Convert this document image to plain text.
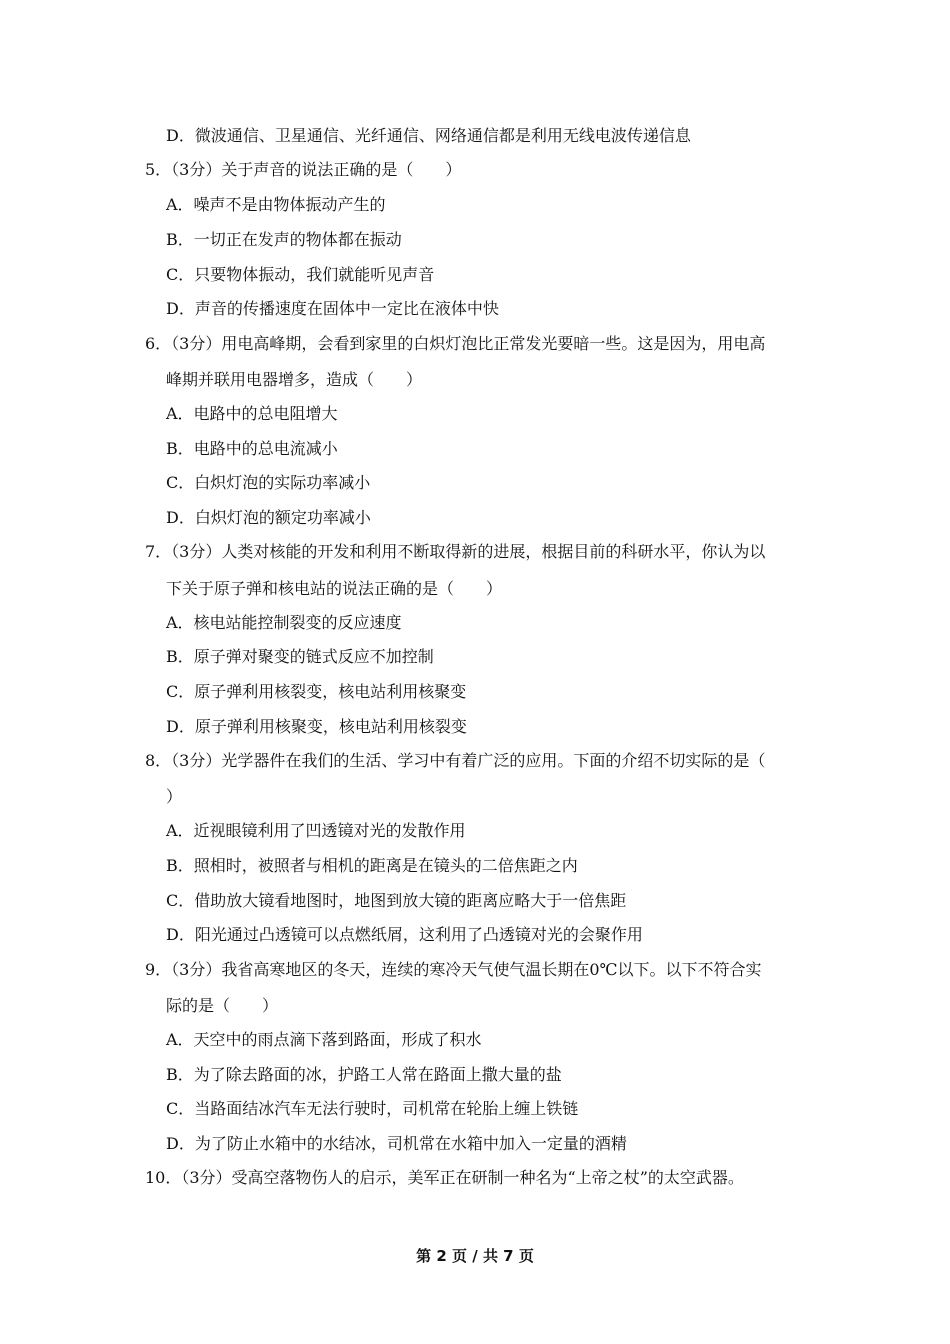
D．微波通信、卫星通信、光纤通信、网络通信都是利用无线电波传递信息
5．（3分）关于声音的说法正确的是（　　）
A．噪声不是由物体振动产生的
B．一切正在发声的物体都在振动
C．只要物体振动，我们就能听见声音
D．声音的传播速度在固体中一定比在液体中快
6．（3分）用电高峰期，会看到家里的白炽灯泡比正常发光要暗一些。这是因为，用电高
峰期并联用电器增多，造成（　　）
A．电路中的总电阻增大
B．电路中的总电流减小
C．白炽灯泡的实际功率减小
D．白炽灯泡的额定功率减小
7．（3分）人类对核能的开发和利用不断取得新的进展，根据目前的科研水平，你认为以
下关于原子弹和核电站的说法正确的是（　　）
A．核电站能控制裂变的反应速度
B．原子弹对聚变的链式反应不加控制
C．原子弹利用核裂变，核电站利用核聚变
D．原子弹利用核聚变，核电站利用核裂变
8．（3分）光学器件在我们的生活、学习中有着广泛的应用。下面的介绍不切实际的是（
）
A．近视眼镜利用了凹透镜对光的发散作用
B．照相时，被照者与相机的距离是在镜头的二倍焦距之内
C．借助放大镜看地图时，地图到放大镜的距离应略大于一倍焦距
D．阳光通过凸透镜可以点燃纸屑，这利用了凸透镜对光的会聚作用
9．（3分）我省高寒地区的冬天，连续的寒冷天气使气温长期在0℃以下。以下不符合实
际的是（　　）
A．天空中的雨点滴下落到路面，形成了积水
B．为了除去路面的冰，护路工人常在路面上撒大量的盐
C．当路面结冰汽车无法行驶时，司机常在轮胎上缠上铁链
D．为了防止水箱中的水结冰，司机常在水箱中加入一定量的酒精
10．（3分）受高空落物伤人的启示，美军正在研制一种名为“上帝之杖”的太空武器。
第 2 页 / 共 7 页
